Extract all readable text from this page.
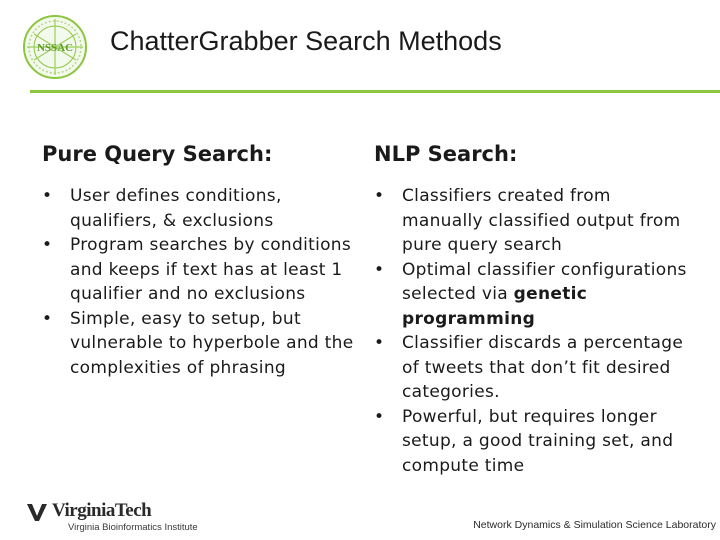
NSSAC ChatterGrabber Search Methods
Pure Query Search:
• User defines conditions, qualifiers, & exclusions
• Program searches by conditions and keeps if text has at least 1 qualifier and no exclusions
• Simple, easy to setup, but vulnerable to hyperbole and the complexities of phrasing
NLP Search:
• Classifiers created from manually classified output from pure query search
• Optimal classifier configurations selected via genetic programming
• Classifier discards a percentage of tweets that don’t fit desired categories.
• Powerful, but requires longer setup, a good training set, and compute time
VirginiaTech
Virginia Bioinformatics Institute	Network Dynamics & Simulation Science Laboratory
